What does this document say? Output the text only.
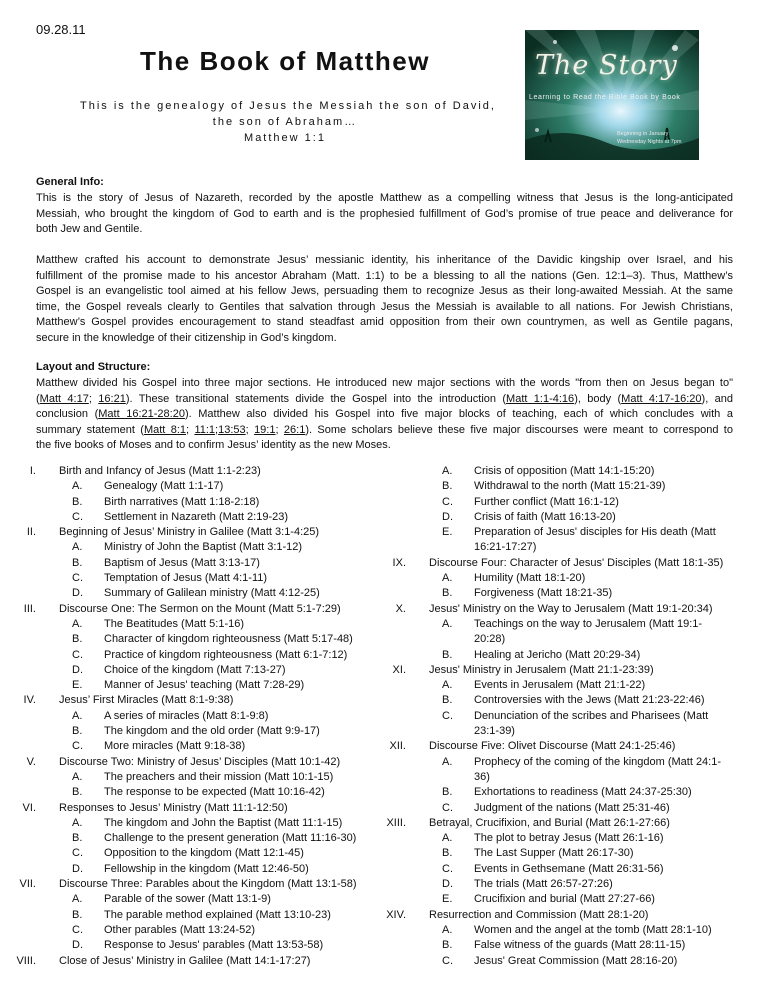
09.28.11
The Book of Matthew
This is the genealogy of Jesus the Messiah the son of David,
the son of Abraham…
Matthew 1:1
The Story
Learning to Read the Bible Book by Book
Beginning in January
Wednesday Nights at 7pm
General Info:
This is the story of Jesus of Nazareth, recorded by the apostle Matthew as a compelling witness that Jesus is the long-anticipated
Messiah, who brought the kingdom of God to earth and is the prophesied fulfillment of God’s promise of true peace and deliverance for
both Jew and Gentile.
Matthew crafted his account to demonstrate Jesus’ messianic identity, his inheritance of the Davidic kingship over Israel, and his
fulfillment of the promise made to his ancestor Abraham (Matt. 1:1) to be a blessing to all the nations (Gen. 12:1–3). Thus, Matthew’s
Gospel is an evangelistic tool aimed at his fellow Jews, persuading them to recognize Jesus as their long-awaited Messiah. At the same
time, the Gospel reveals clearly to Gentiles that salvation through Jesus the Messiah is available to all nations. For Jewish Christians,
Matthew’s Gospel provides encouragement to stand steadfast amid opposition from their own countrymen, as well as Gentile pagans,
secure in the knowledge of their citizenship in God’s kingdom.
Layout and Structure:
Matthew divided his Gospel into three major sections. He introduced new major sections with the words "from then on Jesus began to"
(Matt 4:17; 16:21). These transitional statements divide the Gospel into the introduction (Matt 1:1-4:16), body (Matt 4:17-16:20), and
conclusion (Matt 16:21-28:20). Matthew also divided his Gospel into five major blocks of teaching, each of which concludes with a
summary statement (Matt 8:1; 11:1;13:53; 19:1; 26:1). Some scholars believe these five major discourses were meant to correspond to
the five books of Moses and to confirm Jesus’ identity as the new Moses.
I. Birth and Infancy of Jesus (Matt 1:1-2:23)
A.	Genealogy (Matt 1:1-17)
B.	Birth narratives (Matt 1:18-2:18)
C. Settlement in Nazareth (Matt 2:19-23)
II. Beginning of Jesus’ Ministry in Galilee (Matt 3:1-4:25)
A.	Ministry of John the Baptist (Matt 3:1-12)
B.	Baptism of Jesus (Matt 3:13-17)
C. Temptation of Jesus (Matt 4:1-11)
D. Summary of Galilean ministry (Matt 4:12-25)
III. Discourse One: The Sermon on the Mount (Matt 5:1-7:29)
A.	The Beatitudes (Matt 5:1-16)
B.	Character of kingdom righteousness (Matt 5:17-48)
C. Practice of kingdom righteousness (Matt 6:1-7:12)
D. Choice of the kingdom (Matt 7:13-27)
E.	Manner of Jesus' teaching (Matt 7:28-29)
IV. Jesus’ First Miracles (Matt 8:1-9:38)
A.	A series of miracles (Matt 8:1-9:8)
B.	The kingdom and the old order (Matt 9:9-17)
C. More miracles (Matt 9:18-38)
V. Discourse Two: Ministry of Jesus’ Disciples (Matt 10:1-42)
A.	The preachers and their mission (Matt 10:1-15)
B.	The response to be expected (Matt 10:16-42)
VI. Responses to Jesus’ Ministry (Matt 11:1-12:50)
A.	The kingdom and John the Baptist (Matt 11:1-15)
B.	Challenge to the present generation (Matt 11:16-30)
C. Opposition to the kingdom (Matt 12:1-45)
D. Fellowship in the kingdom (Matt 12:46-50)
VII. Discourse Three: Parables about the Kingdom (Matt 13:1-58)
A.	Parable of the sower (Matt 13:1-9)
B.	The parable method explained (Matt 13:10-23)
C. Other parables (Matt 13:24-52)
D. Response to Jesus' parables (Matt 13:53-58)
VIII. Close of Jesus’ Ministry in Galilee (Matt 14:1-17:27)
A.	Crisis of opposition (Matt 14:1-15:20)
B.	Withdrawal to the north (Matt 15:21-39)
C. Further conflict (Matt 16:1-12)
D. Crisis of faith (Matt 16:13-20)
E.	Preparation of Jesus' disciples for His death (Matt 16:21-17:27)
IX. Discourse Four: Character of Jesus' Disciples (Matt 18:1-35)
A.	Humility (Matt 18:1-20)
B.	Forgiveness (Matt 18:21-35)
X. Jesus' Ministry on the Way to Jerusalem (Matt 19:1-20:34)
A.	Teachings on the way to Jerusalem (Matt 19:1-20:28)
B.	Healing at Jericho (Matt 20:29-34)
XI. Jesus' Ministry in Jerusalem (Matt 21:1-23:39)
A.	Events in Jerusalem (Matt 21:1-22)
B.	Controversies with the Jews (Matt 21:23-22:46)
C. Denunciation of the scribes and Pharisees (Matt 23:1-39)
XII. Discourse Five: Olivet Discourse (Matt 24:1-25:46)
A.	Prophecy of the coming of the kingdom (Matt 24:1-36)
B.	Exhortations to readiness (Matt 24:37-25:30)
C. Judgment of the nations (Matt 25:31-46)
XIII. Betrayal, Crucifixion, and Burial (Matt 26:1-27:66)
A.	The plot to betray Jesus (Matt 26:1-16)
B.	The Last Supper (Matt 26:17-30)
C. Events in Gethsemane (Matt 26:31-56)
D. The trials (Matt 26:57-27:26)
E.	Crucifixion and burial (Matt 27:27-66)
XIV. Resurrection and Commission (Matt 28:1-20)
A.	Women and the angel at the tomb (Matt 28:1-10)
B.	False witness of the guards (Matt 28:11-15)
C. Jesus' Great Commission (Matt 28:16-20)
